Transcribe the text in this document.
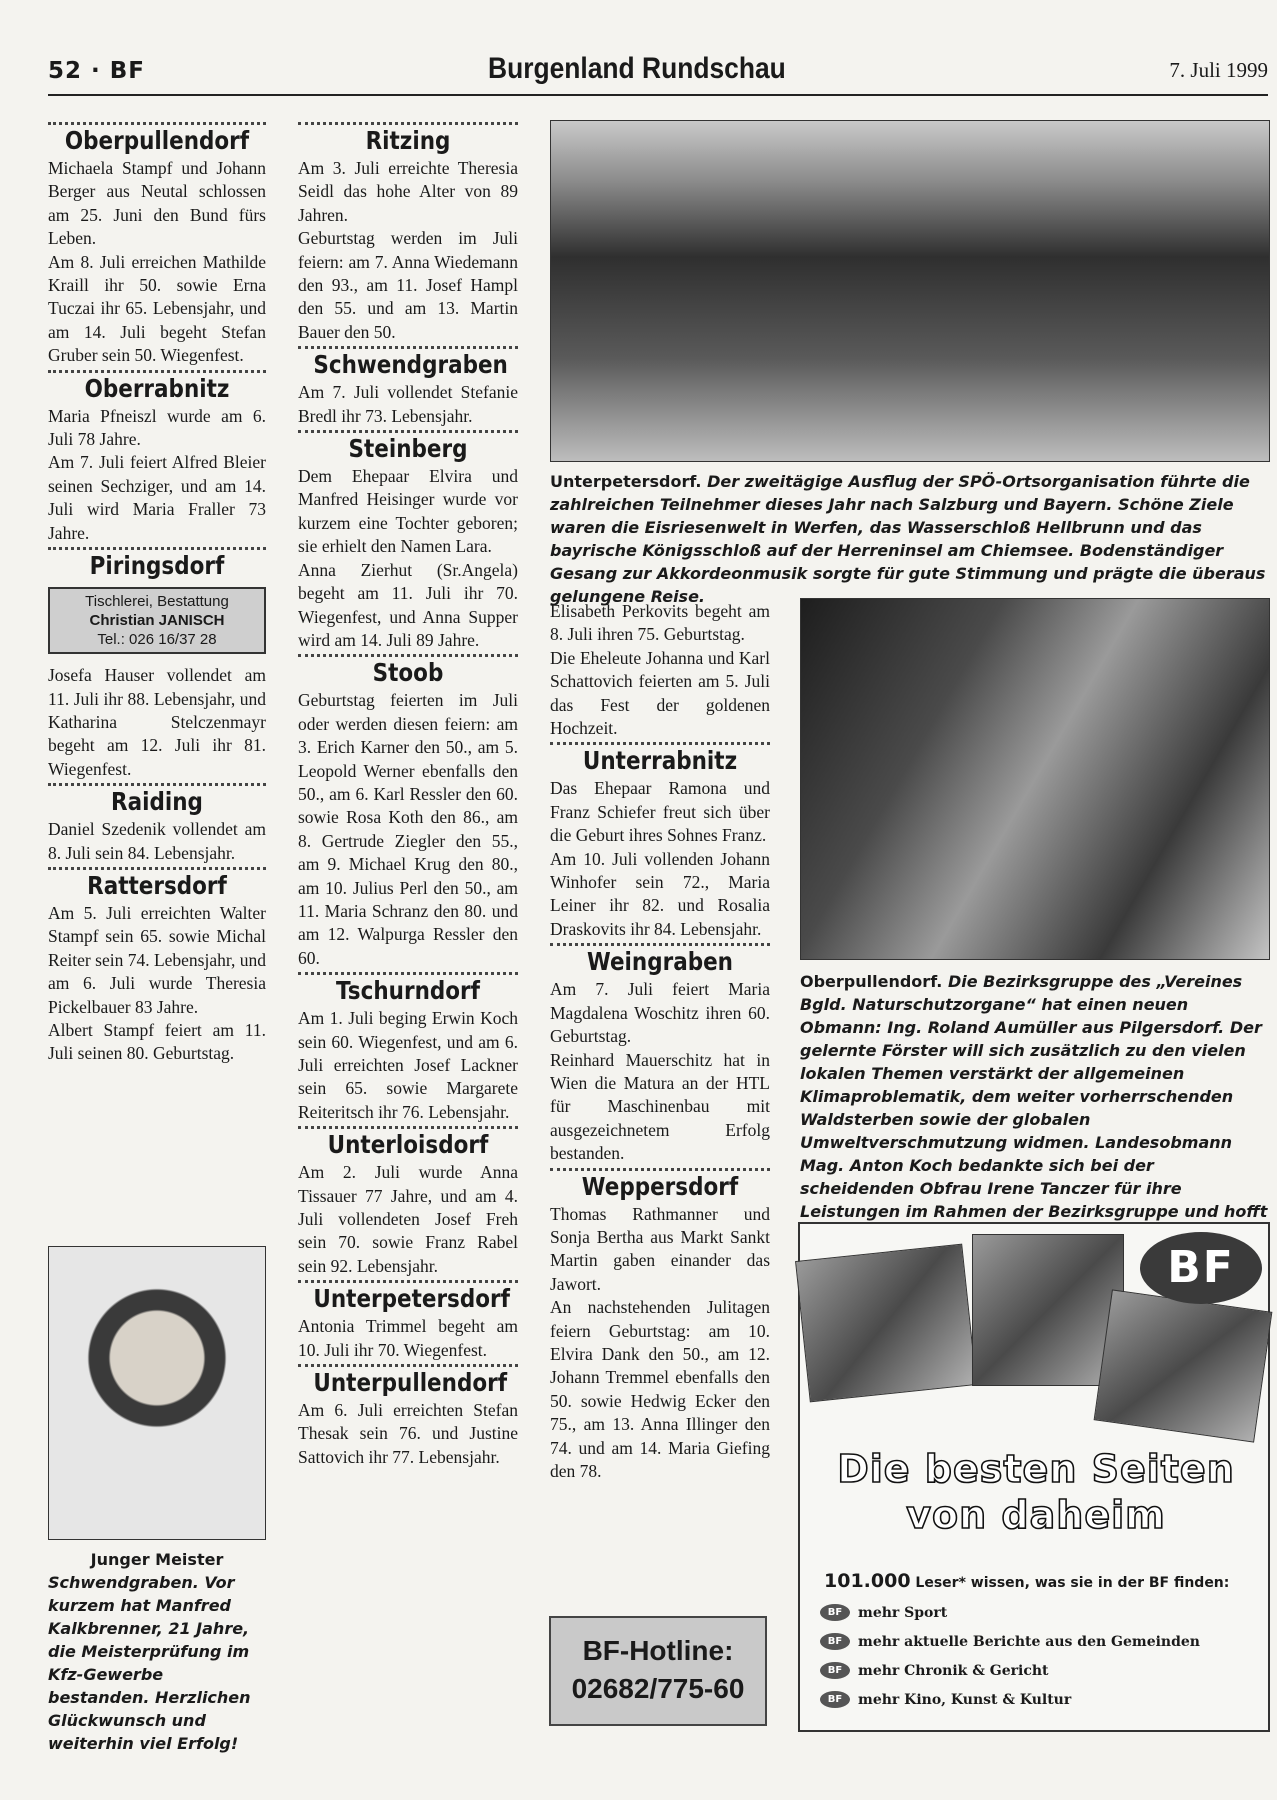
52 · BF	Burgenland Rundschau	7. Juli 1999
Oberpullendorf

Michaela Stampf und Johann Berger aus Neutal schlossen am 25. Juni den Bund fürs Leben.

Am 8. Juli erreichen Mathilde Kraill ihr 50. sowie Erna Tuczai ihr 65. Lebensjahr, und am 14. Juli begeht Stefan Gruber sein 50. Wiegenfest.

Oberrabnitz

Maria Pfneiszl wurde am 6. Juli 78 Jahre.

Am 7. Juli feiert Alfred Bleier seinen Sechziger, und am 14. Juli wird Maria Fraller 73 Jahre.

Piringsdorf
Tischlerei, Bestattung
Christian JANISCH
Tel.: 026 16/37 28

Josefa Hauser vollendet am 11. Juli ihr 88. Lebensjahr, und Katharina Stelczenmayr begeht am 12. Juli ihr 81. Wiegenfest.

Raiding

Daniel Szedenik vollendet am 8. Juli sein 84. Lebensjahr.

Rattersdorf

Am 5. Juli erreichten Walter Stampf sein 65. sowie Michal Reiter sein 74. Lebensjahr, und am 6. Juli wurde Theresia Pickelbauer 83 Jahre.

Albert Stampf feiert am 11. Juli seinen 80. Geburtstag.

Junger Meister
Schwendgraben. Vor kurzem hat Manfred Kalkbrenner, 21 Jahre, die Meisterprüfung im Kfz-Gewerbe bestanden. Herzlichen Glückwunsch und weiterhin viel Erfolg!
Ritzing

Am 3. Juli erreichte Theresia Seidl das hohe Alter von 89 Jahren.

Geburtstag werden im Juli feiern: am 7. Anna Wiedemann den 93., am 11. Josef Hampl den 55. und am 13. Martin Bauer den 50.

Schwendgraben

Am 7. Juli vollendet Stefanie Bredl ihr 73. Lebensjahr.

Steinberg

Dem Ehepaar Elvira und Manfred Heisinger wurde vor kurzem eine Tochter geboren; sie erhielt den Namen Lara.

Anna Zierhut (Sr.Angela) begeht am 11. Juli ihr 70. Wiegenfest, und Anna Supper wird am 14. Juli 89 Jahre.

Stoob

Geburtstag feierten im Juli oder werden diesen feiern: am 3. Erich Karner den 50., am 5. Leopold Werner ebenfalls den 50., am 6. Karl Ressler den 60. sowie Rosa Koth den 86., am 8. Gertrude Ziegler den 55., am 9. Michael Krug den 80., am 10. Julius Perl den 50., am 11. Maria Schranz den 80. und am 12. Walpurga Ressler den 60.

Tschurndorf

Am 1. Juli beging Erwin Koch sein 60. Wiegenfest, und am 6. Juli erreichten Josef Lackner sein 65. sowie Margarete Reiteritsch ihr 76. Lebensjahr.

Unterloisdorf

Am 2. Juli wurde Anna Tissauer 77 Jahre, und am 4. Juli vollendeten Josef Freh sein 70. sowie Franz Rabel sein 92. Lebensjahr.

Unterpetersdorf

Antonia Trimmel begeht am 10. Juli ihr 70. Wiegenfest.

Unterpullendorf

Am 6. Juli erreichten Stefan Thesak sein 76. und Justine Sattovich ihr 77. Lebensjahr.

Unterpetersdorf. Der zweitägige Ausflug der SPÖ-Ortsorganisation führte die zahlreichen Teilnehmer dieses Jahr nach Salzburg und Bayern. Schöne Ziele waren die Eisriesenwelt in Werfen, das Wasserschloß Hellbrunn und das bayrische Königsschloß auf der Herreninsel am Chiemsee. Bodenständiger Gesang zur Akkordeonmusik sorgte für gute Stimmung und prägte die überaus gelungene Reise.

Elisabeth Perkovits begeht am 8. Juli ihren 75. Geburtstag.

Die Eheleute Johanna und Karl Schattovich feierten am 5. Juli das Fest der goldenen Hochzeit.

Unterrabnitz

Das Ehepaar Ramona und Franz Schiefer freut sich über die Geburt ihres Sohnes Franz.

Am 10. Juli vollenden Johann Winhofer sein 72., Maria Leiner ihr 82. und Rosalia Draskovits ihr 84. Lebensjahr.

Weingraben

Am 7. Juli feiert Maria Magdalena Woschitz ihren 60. Geburtstag.

Reinhard Mauerschitz hat in Wien die Matura an der HTL für Maschinenbau mit ausgezeichnetem Erfolg bestanden.

Weppersdorf

Thomas Rathmanner und Sonja Bertha aus Markt Sankt Martin gaben einander das Jawort.

An nachstehenden Julitagen feiern Geburtstag: am 10. Elvira Dank den 50., am 12. Johann Tremmel ebenfalls den 50. sowie Hedwig Ecker den 75., am 13. Anna Illinger den 74. und am 14. Maria Giefing den 78.

BF-Hotline:
02682/775-60
Oberpullendorf. Die Bezirksgruppe des „Vereines Bgld. Naturschutzorgane“ hat einen neuen Obmann: Ing. Roland Aumüller aus Pilgersdorf. Der gelernte Förster will sich zusätzlich zu den vielen lokalen Themen verstärkt der allgemeinen Klimaproblematik, dem weiter vorherrschenden Waldsterben sowie der globalen Umweltverschmutzung widmen. Landesobmann Mag. Anton Koch bedankte sich bei der scheidenden Obfrau Irene Tanczer für ihre Leistungen im Rahmen der Bezirksgruppe und hofft
BF
Die besten Seiten
von daheim
101.000 Leser* wissen, was sie in der BF finden:
BF	mehr Sport
BF	mehr aktuelle Berichte aus den Gemeinden
BF	mehr Chronik & Gericht
BF	mehr Kino, Kunst & Kultur
